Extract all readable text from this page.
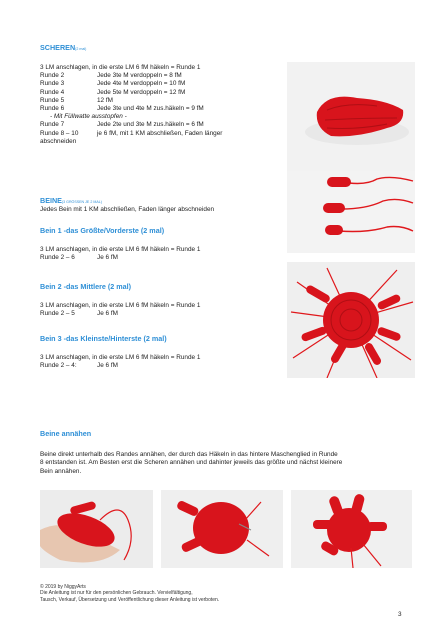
SCHEREN(2 mal)
3 LM anschlagen, in die erste LM 6 fM häkeln = Runde 1
Runde 2	Jede 3te M verdoppeln = 8 fM
Runde 3	Jede 4te M verdoppeln = 10 fM
Runde 4	Jede 5te M verdoppeln = 12 fM
Runde 5	12 fM
Runde 6	Jede 3te und 4te M zus.häkeln = 9 fM
- Mit Füllwatte ausstopfen -
Runde 7	Jede 2te und 3te M zus.häkeln = 6 fM
Runde 8 – 10	je 6 fM, mit 1 KM abschließen, Faden länger
abschneiden
BEINE(3 GRÖSSEN JE 2 MAL)
Jedes Bein mit 1 KM abschließen, Faden länger abschneiden
Bein 1 -das Größte/Vorderste (2 mal)
3 LM anschlagen, in die erste LM 6 fM häkeln = Runde 1
Runde 2 – 6	Je 6 fM
Bein 2 -das Mittlere (2 mal)
3 LM anschlagen, in die erste LM 6 fM häkeln = Runde 1
Runde 2 – 5	Je 6 fM
Bein 3 -das Kleinste/Hinterste (2 mal)
3 LM anschlagen, in die erste LM 6 fM häkeln = Runde 1
Runde 2 – 4:	Je 6 fM
Beine annähen
Beine direkt unterhalb des Randes annähen, der durch das Häkeln in das hintere Maschenglied in Runde
8 entstanden ist. Am Besten erst die Scheren annähen und dahinter jeweils das größte und nächst kleinere
Bein annähen.
© 2019 by NiggyArts
Die Anleitung ist nur für den persönlichen Gebrauch. Vervielfältigung,
Tausch, Verkauf, Übersetzung und Veröffentlichung dieser Anleitung ist verboten.
3
